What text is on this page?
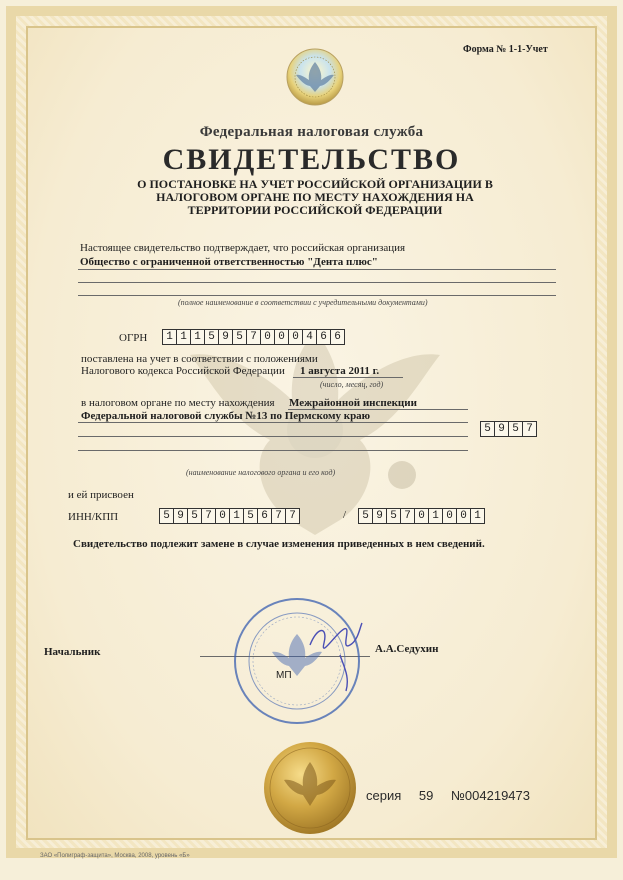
Форма № 1-1-Учет
Федеральная налоговая служба
СВИДЕТЕЛЬСТВО
О ПОСТАНОВКЕ НА УЧЕТ РОССИЙСКОЙ ОРГАНИЗАЦИИ В НАЛОГОВОМ ОРГАНЕ ПО МЕСТУ НАХОЖДЕНИЯ НА ТЕРРИТОРИИ РОССИЙСКОЙ ФЕДЕРАЦИИ
Настоящее свидетельство подтверждает, что российская организация
Общество с ограниченной ответственностью "Дента плюс"
(полное наименование в соответствии с учредительными документами)
ОГРН 1 1 1 5 9 5 7 0 0 0 4 6 6
поставлена на учет в соответствии с положениями
Налогового кодекса Российской Федерации 1 августа 2011 г.
(число, месяц, год)
в налоговом органе по месту нахождения Межрайонной инспекции
Федеральной налоговой службы №13 по Пермскому краю
5 9 5 7
(наименование налогового органа и его код)
и ей присвоен
ИНН/КПП	5 9 5 7 0 1 5 6 7 7	/ 5 9 5 7 0 1 0 0 1
Свидетельство подлежит замене в случае изменения приведенных в нем сведений.
Начальник	А.А.Седухин
МП
серия 59 №004219473
ЗАО «Полиграф-защита», Москва, 2008, уровень «Б»
